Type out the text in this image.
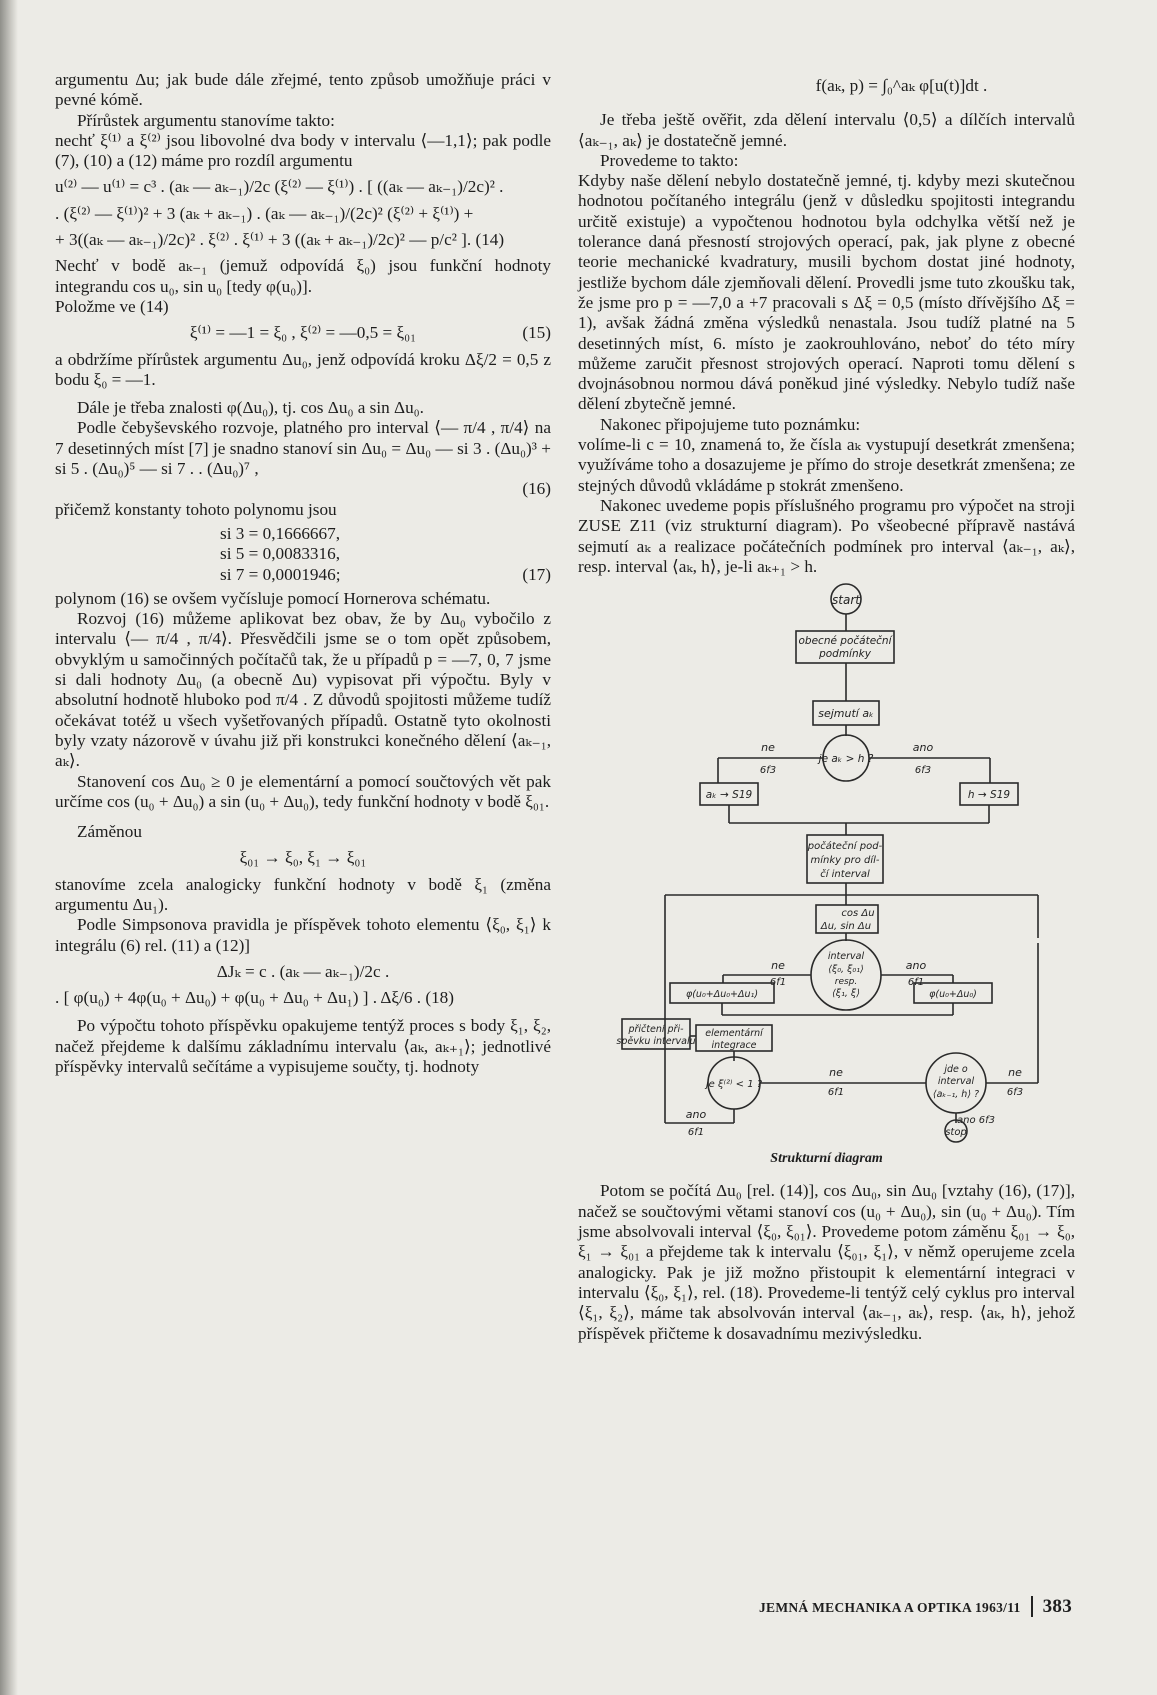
argumentu Δu; jak bude dále zřejmé, tento způsob umožňuje práci v pevné kómě.

Přírůstek argumentu stanovíme takto:

nechť ξ⁽¹⁾ a ξ⁽²⁾ jsou libovolné dva body v intervalu ⟨—1,1⟩; pak podle (7), (10) a (12) máme pro rozdíl argumentu

u⁽²⁾ — u⁽¹⁾ = c³ . (aₖ — aₖ₋₁)/2c (ξ⁽²⁾ — ξ⁽¹⁾) . [ ((aₖ — aₖ₋₁)/2c)² .
. (ξ⁽²⁾ — ξ⁽¹⁾)² + 3 (aₖ + aₖ₋₁) . (aₖ — aₖ₋₁)/(2c)² (ξ⁽²⁾ + ξ⁽¹⁾) +
+ 3((aₖ — aₖ₋₁)/2c)² . ξ⁽²⁾ . ξ⁽¹⁾ + 3 ((aₖ + aₖ₋₁)/2c)² — p/c² ]. (14)

Nechť v bodě aₖ₋₁ (jemuž odpovídá ξ₀) jsou funkční hodnoty integrandu cos u₀, sin u₀ [tedy φ(u₀)].

Položme ve (14)

ξ⁽¹⁾ = —1 = ξ₀ , ξ⁽²⁾ = —0,5 = ξ₀₁	(15)

a obdržíme přírůstek argumentu Δu₀, jenž odpovídá kroku Δξ/2 = 0,5 z bodu ξ₀ = —1.

Dále je třeba znalosti φ(Δu₀), tj. cos Δu₀ a sin Δu₀.

Podle čebyševského rozvoje, platného pro interval ⟨— π/4 , π/4⟩ na 7 desetinných míst [7] je snadno stanoví sin Δu₀ = Δu₀ — si 3 . (Δu₀)³ + si 5 . (Δu₀)⁵ — si 7 . . (Δu₀)⁷ ,

(16)

přičemž konstanty tohoto polynomu jsou

si 3 = 0,1666667,
si 5 = 0,0083316,
si 7 = 0,0001946;	(17)

polynom (16) se ovšem vyčísluje pomocí Hornerova schématu.

Rozvoj (16) můžeme aplikovat bez obav, že by Δu₀ vybočilo z intervalu ⟨— π/4 , π/4⟩. Přesvědčili jsme se o tom opět způsobem, obvyklým u samočinných počítačů tak, že u případů p = —7, 0, 7 jsme si dali hodnoty Δu₀ (a obecně Δu) vypisovat při výpočtu. Byly v absolutní hodnotě hluboko pod π/4 . Z důvodů spojitosti můžeme tudíž očekávat totéž u všech vyšetřovaných případů. Ostatně tyto okolnosti byly vzaty názorově v úvahu již při konstrukci konečného dělení ⟨aₖ₋₁, aₖ⟩.

Stanovení cos Δu₀ ≥ 0 je elementární a pomocí součtových vět pak určíme cos (u₀ + Δu₀) a sin (u₀ + Δu₀), tedy funkční hodnoty v bodě ξ₀₁.

Záměnou

ξ₀₁ → ξ₀, ξ₁ → ξ₀₁

stanovíme zcela analogicky funkční hodnoty v bodě ξ₁ (změna argumentu Δu₁).

Podle Simpsonova pravidla je příspěvek tohoto elementu ⟨ξ₀, ξ₁⟩ k integrálu (6) rel. (11) a (12)]

ΔJₖ = c . (aₖ — aₖ₋₁)/2c .
. [ φ(u₀) + 4φ(u₀ + Δu₀) + φ(u₀ + Δu₀ + Δu₁) ] . Δξ/6 . (18)

Po výpočtu tohoto příspěvku opakujeme tentýž proces s body ξ₁, ξ₂, načež přejdeme k dalšímu základnímu intervalu ⟨aₖ, aₖ₊₁⟩; jednotlivé příspěvky intervalů sečítáme a vypisujeme součty, tj. hodnoty

f(aₖ, p) = ∫₀^aₖ φ[u(t)]dt .

Je třeba ještě ověřit, zda dělení intervalu ⟨0,5⟩ a dílčích intervalů ⟨aₖ₋₁, aₖ⟩ je dostatečně jemné.

Provedeme to takto:

Kdyby naše dělení nebylo dostatečně jemné, tj. kdyby mezi skutečnou hodnotou počítaného integrálu (jenž v důsledku spojitosti integrandu určitě existuje) a vypočtenou hodnotou byla odchylka větší než je tolerance daná přesností strojových operací, pak, jak plyne z obecné teorie mechanické kvadratury, musili bychom dostat jiné hodnoty, jestliže bychom dále zjemňovali dělení. Provedli jsme tuto zkoušku tak, že jsme pro p = —7,0 a +7 pracovali s Δξ = 0,5 (místo dřívějšího Δξ = 1), avšak žádná změna výsledků nenastala. Jsou tudíž platné na 5 desetinných míst, 6. místo je zaokrouhlováno, neboť do této míry můžeme zaručit přesnost strojových operací. Naproti tomu dělení s dvojnásobnou normou dává poněkud jiné výsledky. Nebylo tudíž naše dělení zbytečně jemné.

Nakonec připojujeme tuto poznámku:

volíme-li c = 10, znamená to, že čísla aₖ vystupují desetkrát zmenšena; využíváme toho a dosazujeme je přímo do stroje desetkrát zmenšena; ze stejných důvodů vkládáme p stokrát zmenšeno.

Nakonec uvedeme popis příslušného programu pro výpočet na stroji ZUSE Z11 (viz strukturní diagram). Po všeobecné přípravě nastává sejmutí aₖ a realizace počátečních podmínek pro interval ⟨aₖ₋₁, aₖ⟩, resp. interval ⟨aₖ, h⟩, je-li aₖ₊₁ > h.

start
obecné počáteční
podmínky
sejmutí aₖ
je aₖ > h ?
ne
6f3
ano
6f3
aₖ → S19	h → S19
počáteční pod-
mínky pro díl-
čí interval
cos Δu
Δu, sin Δu
interval
⟨ξ₀, ξ₀₁⟩
resp.
⟨ξ₁, ξ⟩
ne
6f1
ano
6f1
φ(u₀+Δu₀+Δu₁)	φ(u₀+Δu₀)
přičtení při-
spěvku intervalu
elementární
integrace
je ξ⁽²⁾ < 1 ?
ne
6f1
ano
6f1
jde o
interval
⟨aₖ₋₁, h⟩ ?
ne
6f3
ano 6f3
stop
Strukturní diagram

Potom se počítá Δu₀ [rel. (14)], cos Δu₀, sin Δu₀ [vztahy (16), (17)], načež se součtovými větami stanoví cos (u₀ + Δu₀), sin (u₀ + Δu₀). Tím jsme absolvovali interval ⟨ξ₀, ξ₀₁⟩. Provedeme potom záměnu ξ₀₁ → ξ₀, ξ₁ → ξ₀₁ a přejdeme tak k intervalu ⟨ξ₀₁, ξ₁⟩, v němž operujeme zcela analogicky. Pak je již možno přistoupit k elementární integraci v intervalu ⟨ξ₀, ξ₁⟩, rel. (18). Provedeme-li tentýž celý cyklus pro interval ⟨ξ₁, ξ₂⟩, máme tak absolvován interval ⟨aₖ₋₁, aₖ⟩, resp. ⟨aₖ, h⟩, jehož příspěvek přičteme k dosavadnímu mezivýsledku.

JEMNÁ MECHANIKA A OPTIKA 1963/11 383
